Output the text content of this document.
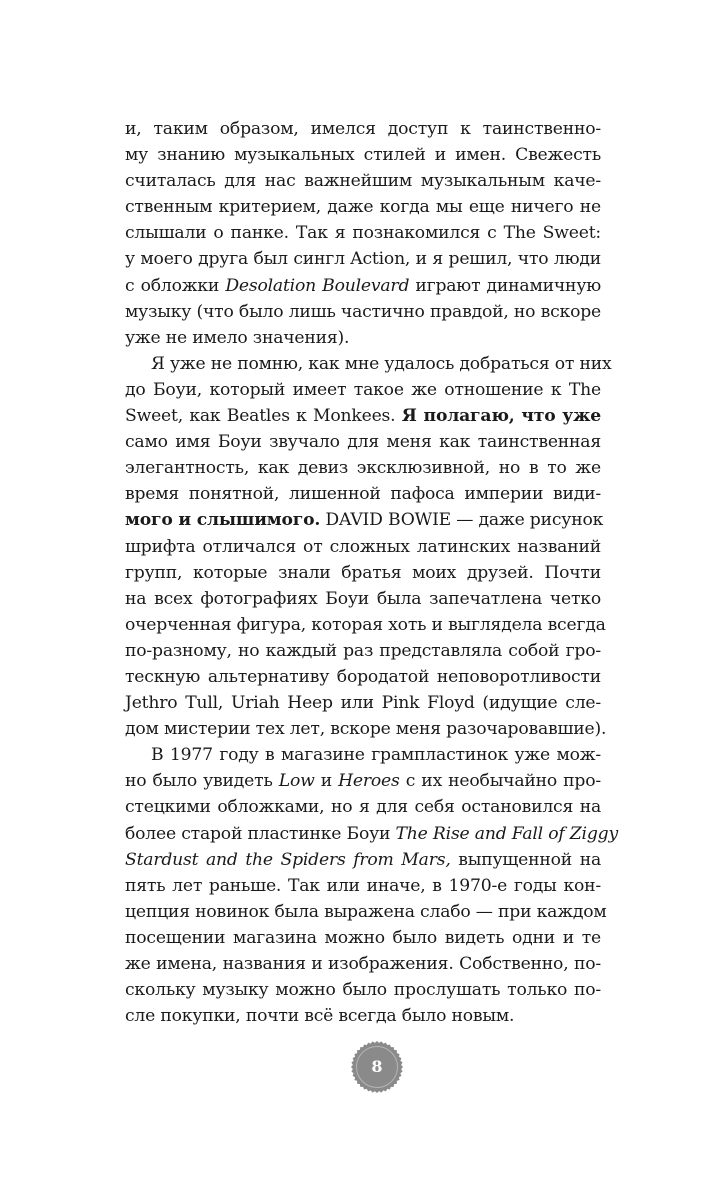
и, таким образом, имелся доступ к таинственно-
му знанию музыкальных стилей и имен. Свежесть
считалась для нас важнейшим музыкальным каче-
ственным критерием, даже когда мы еще ничего не
слышали о панке. Так я познакомился с The Sweet:
у моего друга был сингл Action, и я решил, что люди
с обложки Desolation Boulevard играют динамичную
музыку (что было лишь частично правдой, но вскоре
уже не имело значения).
Я уже не помню, как мне удалось добраться от них
до Боуи, который имеет такое же отношение к The
Sweet, как Beatles к Monkees. Я полагаю, что уже
само имя Боуи звучало для меня как таинственная
элегантность, как девиз эксклюзивной, но в то же
время понятной, лишенной пафоса империи види-
мого и слышимого. DAVID BOWIE — даже рисунок
шрифта отличался от сложных латинских названий
групп, которые знали братья моих друзей. Почти
на всех фотографиях Боуи была запечатлена четко
очерченная фигура, которая хоть и выглядела всегда
по-разному, но каждый раз представляла собой гро-
тескную альтернативу бородатой неповоротливости
Jethro Tull, Uriah Heep или Pink Floyd (идущие сле-
дом мистерии тех лет, вскоре меня разочаровавшие).
В 1977 году в магазине грампластинок уже мож-
но было увидеть Low и Heroes с их необычайно про-
стецкими обложками, но я для себя остановился на
более старой пластинке Боуи The Rise and Fall of Ziggy
Stardust and the Spiders from Mars, выпущенной на
пять лет раньше. Так или иначе, в 1970-е годы кон-
цепция новинок была выражена слабо — при каждом
посещении магазина можно было видеть одни и те
же имена, названия и изображения. Собственно, по-
скольку музыку можно было прослушать только по-
сле покупки, почти всё всегда было новым.
8
